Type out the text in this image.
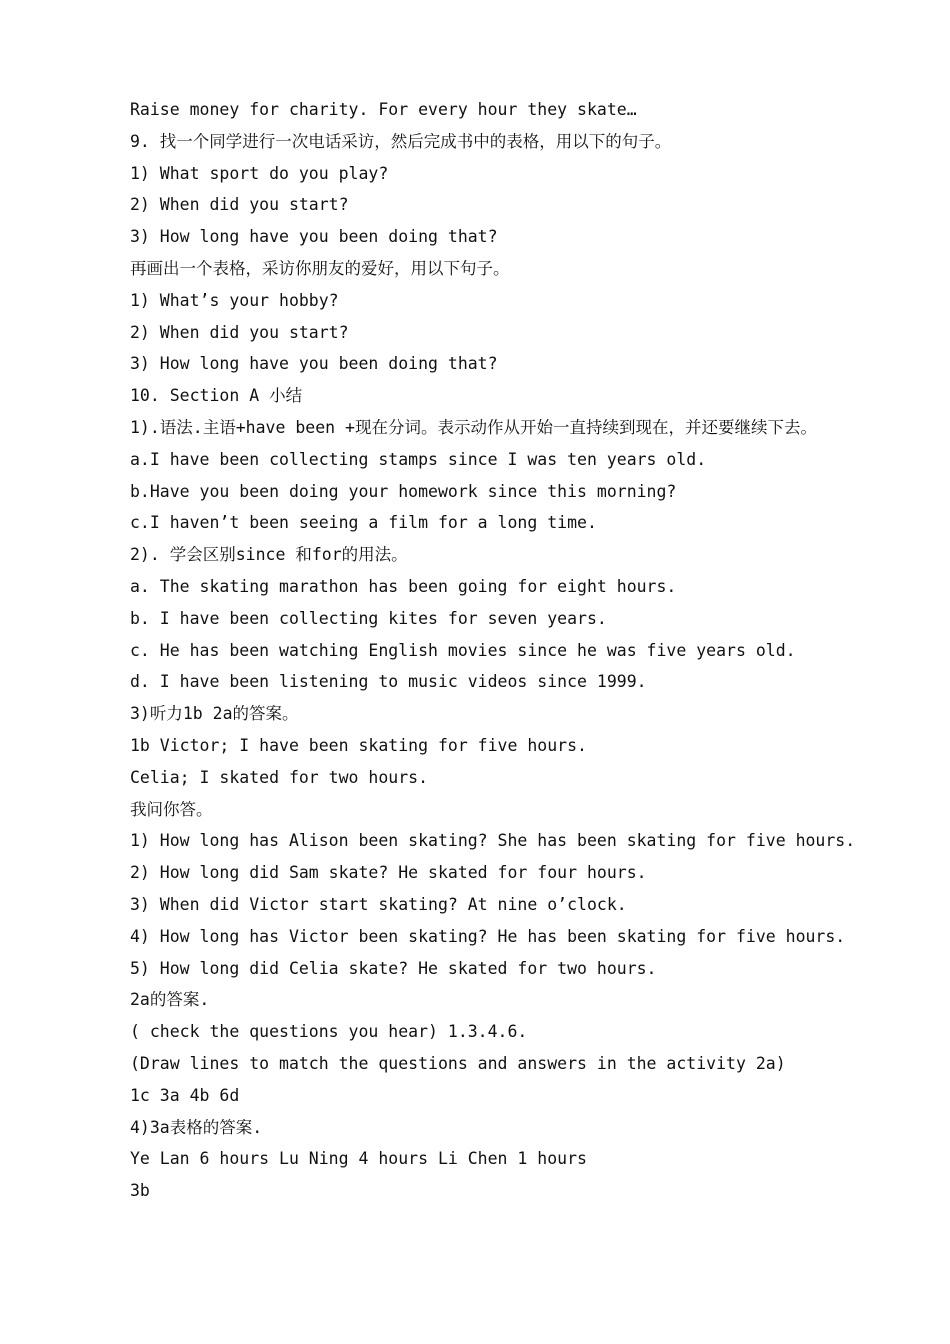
Raise money for charity. For every hour they skate…
9. 找一个同学进行一次电话采访，然后完成书中的表格，用以下的句子。
1) What sport do you play?
2) When did you start?
3) How long have you been doing that?
再画出一个表格，采访你朋友的爱好，用以下句子。
1) What’s your hobby?
2) When did you start?
3) How long have you been doing that?
10. Section A 小结
1).语法.主语+have been +现在分词。表示动作从开始一直持续到现在，并还要继续下去。
a.I have been collecting stamps since I was ten years old.
b.Have you been doing your homework since this morning?
c.I haven’t been seeing a film for a long time.
2). 学会区别since 和for的用法。
a. The skating marathon has been going for eight hours.
b. I have been collecting kites for seven years.
c. He has been watching English movies since he was five years old.
d. I have been listening to music videos since 1999.
3)听力1b 2a的答案。
1b Victor; I have been skating for five hours.
Celia; I skated for two hours.
我问你答。
1) How long has Alison been skating? She has been skating for five hours.
2) How long did Sam skate? He skated for four hours.
3) When did Victor start skating? At nine o’clock.
4) How long has Victor been skating? He has been skating for five hours.
5) How long did Celia skate? He skated for two hours.
2a的答案.
( check the questions you hear) 1.3.4.6.
(Draw lines to match the questions and answers in the activity 2a)
1c 3a 4b 6d
4)3a表格的答案.
Ye Lan 6 hours Lu Ning 4 hours Li Chen 1 hours
3b
